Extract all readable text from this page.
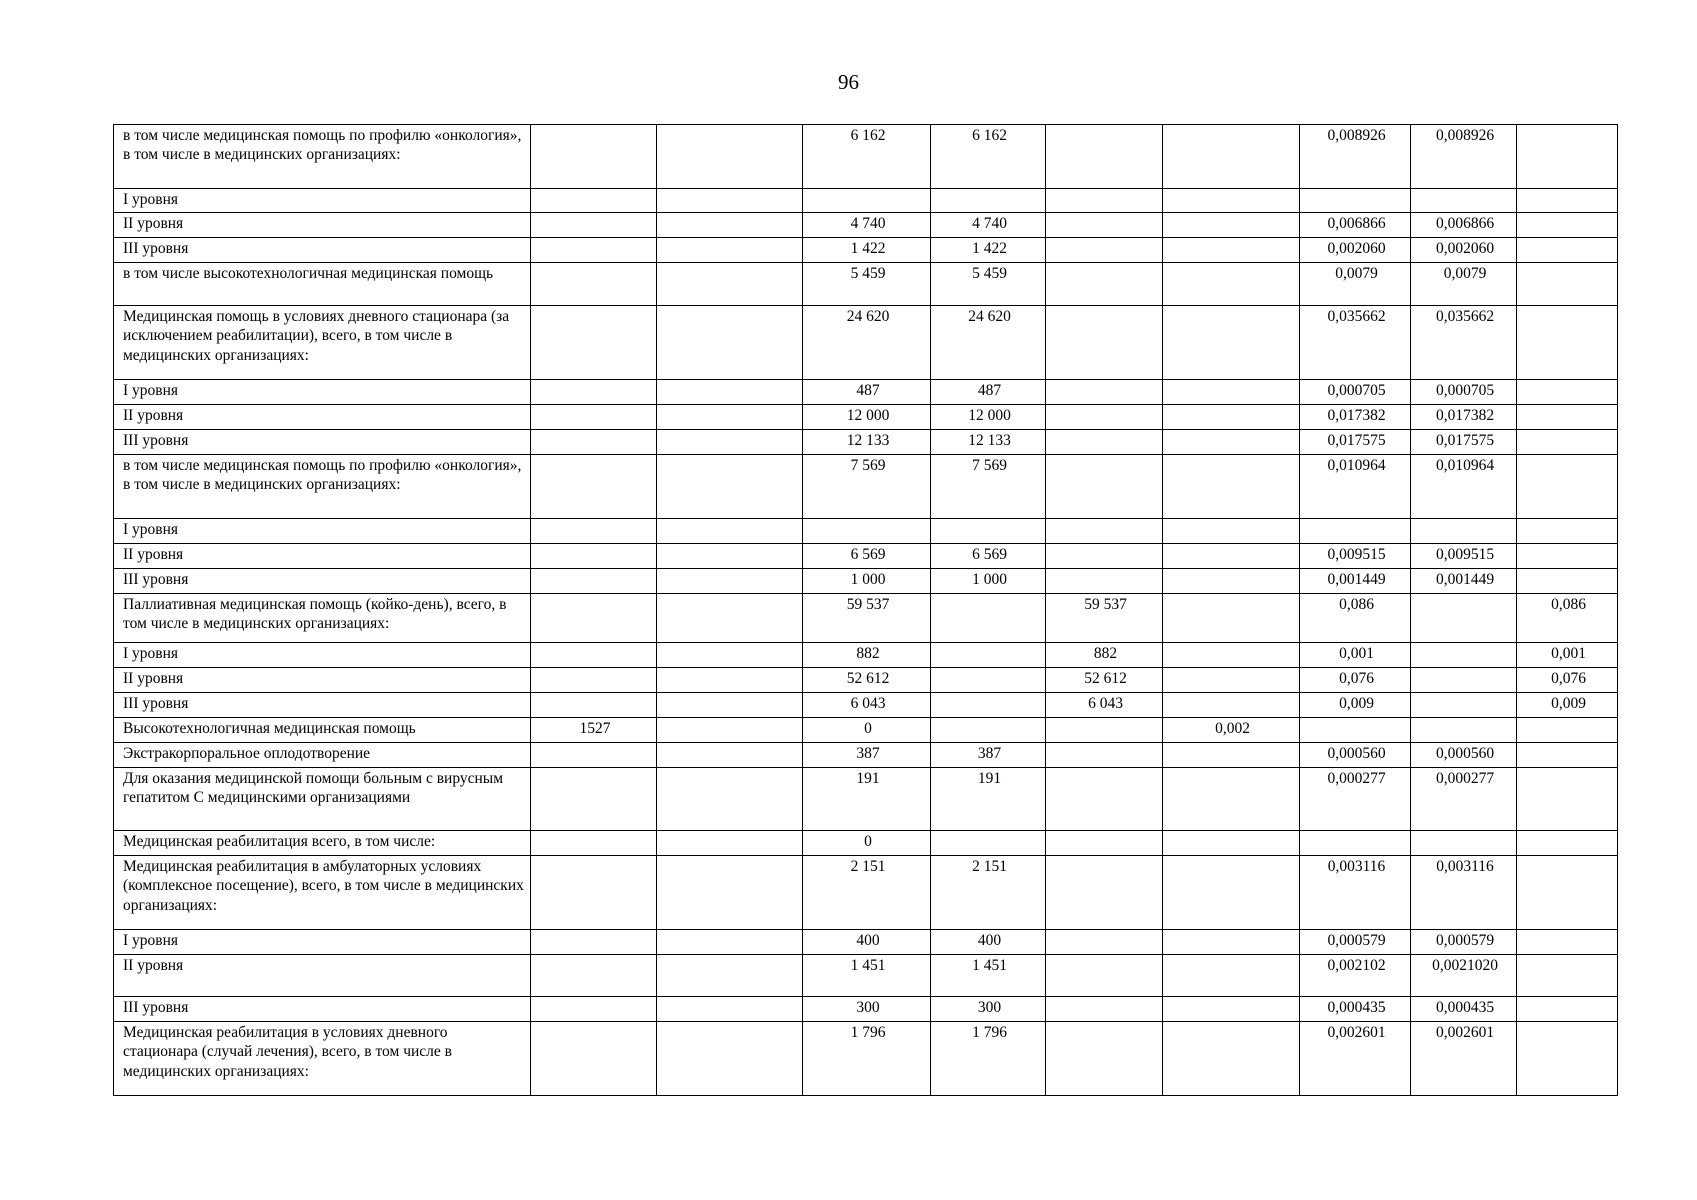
96
в том числе медицинская помощь по профилю «онкология», в том числе в медицинских организациях:			6 162	6 162			0,008926	0,008926	
I уровня									
II уровня			4 740	4 740			0,006866	0,006866	
III уровня			1 422	1 422			0,002060	0,002060	
в том числе высокотехнологичная медицинская помощь			5 459	5 459			0,0079	0,0079	
Медицинская помощь в условиях дневного стационара (за исключением реабилитации), всего, в том числе в медицинских организациях:			24 620	24 620			0,035662	0,035662	
I уровня			487	487			0,000705	0,000705	
II уровня			12 000	12 000			0,017382	0,017382	
III уровня			12 133	12 133			0,017575	0,017575	
в том числе медицинская помощь по профилю «онкология», в том числе в медицинских организациях:			7 569	7 569			0,010964	0,010964	
I уровня									
II уровня			6 569	6 569			0,009515	0,009515	
III уровня			1 000	1 000			0,001449	0,001449	
Паллиативная медицинская помощь (койко-день), всего, в том числе в медицинских организациях:			59 537		59 537		0,086		0,086
I уровня			882		882		0,001		0,001
II уровня			52 612		52 612		0,076		0,076
III уровня			6 043		6 043		0,009		0,009
Высокотехнологичная медицинская помощь	1527		0			0,002			
Экстракорпоральное оплодотворение			387	387			0,000560	0,000560	
Для оказания медицинской помощи больным с вирусным гепатитом С медицинскими организациями			191	191			0,000277	0,000277	
Медицинская реабилитация всего, в том числе:			0						
Медицинская реабилитация в амбулаторных условиях (комплексное посещение), всего, в том числе в медицинских организациях:			2 151	2 151			0,003116	0,003116	
I уровня			400	400			0,000579	0,000579	
II уровня			1 451	1 451			0,002102	0,0021020	
III уровня			300	300			0,000435	0,000435	
Медицинская реабилитация в условиях дневного стационара (случай лечения), всего, в том числе в медицинских организациях:			1 796	1 796			0,002601	0,002601	
